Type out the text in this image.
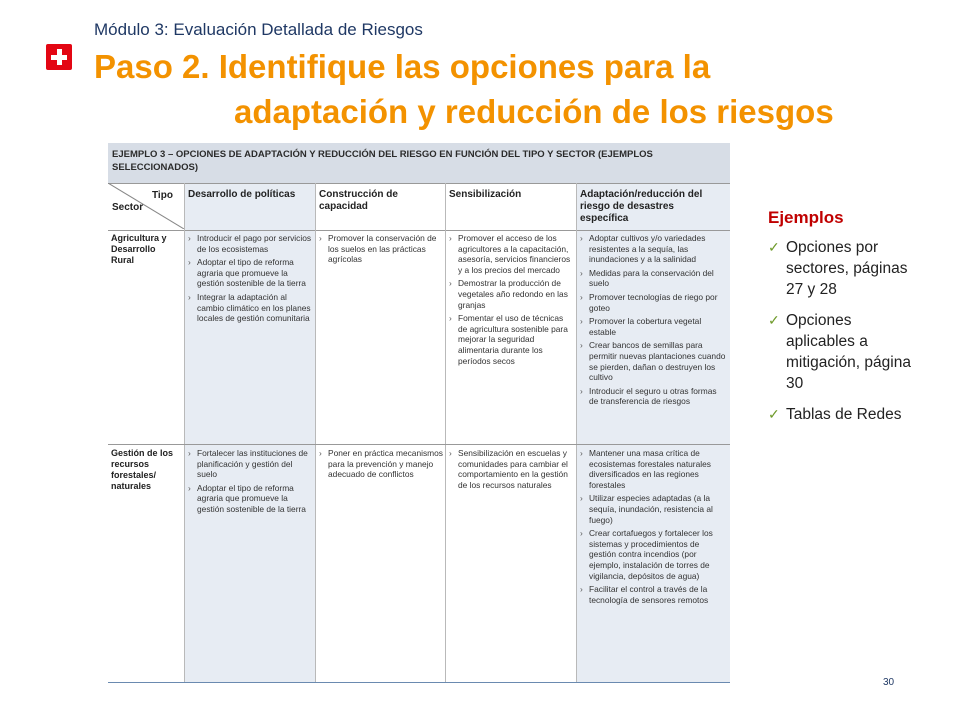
Módulo 3: Evaluación Detallada de Riesgos
Paso 2. Identifique las opciones para la
adaptación y reducción de los riesgos
EJEMPLO 3 – OPCIONES DE ADAPTACIÓN Y REDUCCIÓN DEL RIESGO EN FUNCIÓN DEL TIPO Y SECTOR (EJEMPLOS SELECCIONADOS)
Tipo
Sector
Desarrollo de políticas	Construcción de capacidad
Sensibilización	Adaptación/reducción del riesgo de desastres específica
Agricultura y Desarrollo Rural
› Introducir el pago por servicios de los ecosistemas
› Adoptar el tipo de reforma agraria que promueve la gestión sostenible de la tierra
› Integrar la adaptación al cambio climático en los planes locales de gestión comunitaria
› Promover la conservación de los suelos en las prácticas agrícolas
› Promover el acceso de los agricultores a la capacitación, asesoría, servicios financieros y a los precios del mercado
› Demostrar la producción de vegetales año redondo en las granjas
› Fomentar el uso de técnicas de agricultura sostenible para mejorar la seguridad alimentaria durante los períodos secos
› Adoptar cultivos y/o variedades resistentes a la sequía, las inundaciones y a la salinidad
› Medidas para la conservación del suelo
› Promover tecnologías de riego por goteo
› Promover la cobertura vegetal estable
› Crear bancos de semillas para permitir nuevas plantaciones cuando se pierden, dañan o destruyen los cultivo
› Introducir el seguro u otras formas de transferencia de riesgos
Gestión de los recursos forestales/ naturales
› Fortalecer las instituciones de planificación y gestión del suelo
› Adoptar el tipo de reforma agraria que promueve la gestión sostenible de la tierra
› Poner en práctica mecanismos para la prevención y manejo adecuado de conflictos
› Sensibilización en escuelas y comunidades para cambiar el comportamiento en la gestión de los recursos naturales
› Mantener una masa crítica de ecosistemas forestales naturales diversificados en las regiones forestales
› Utilizar especies adaptadas (a la sequía, inundación, resistencia al fuego)
› Crear cortafuegos y fortalecer los sistemas y procedimientos de gestión contra incendios (por ejemplo, instalación de torres de vigilancia, depósitos de agua)
› Facilitar el control a través de la tecnología de sensores remotos
Ejemplos
✓ Opciones por sectores, páginas 27 y 28
✓ Opciones aplicables a mitigación, página 30
✓ Tablas de Redes
30
